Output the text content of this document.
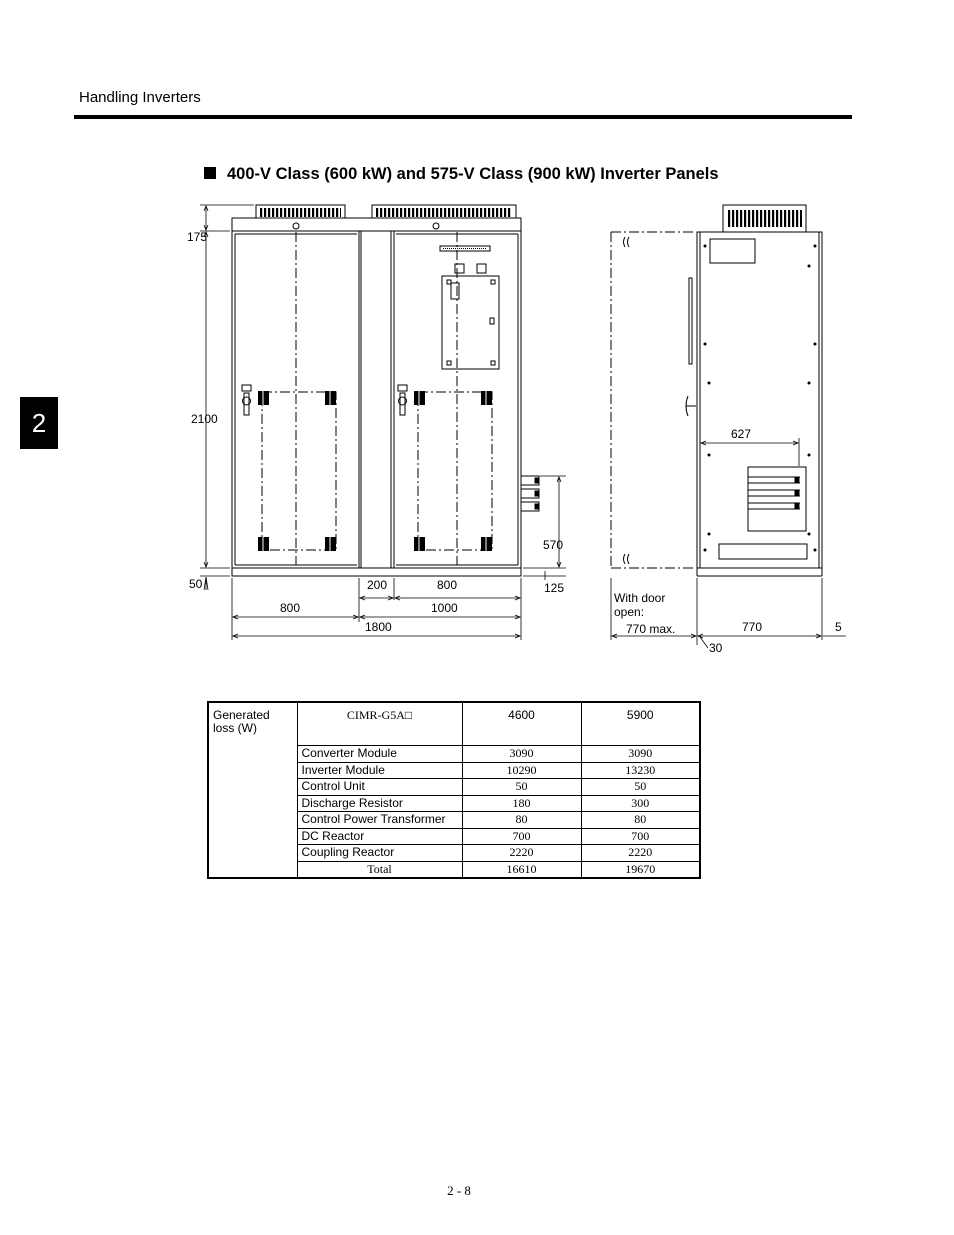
Handling Inverters
2
400-V Class (600 kW) and 575-V Class (900 kW) Inverter Panels
175
2100
50
570
125
200	800
800	1000
1800
627
With door
open:
770 max.	770	5
30
Generated loss (W)	CIMR-G5A□	4600	5900
	Converter Module	3090	3090
	Inverter Module	10290	13230
	Control Unit	50	50
	Discharge Resistor	180	300
	Control Power Transformer	80	80
	DC Reactor	700	700
	Coupling Reactor	2220	2220
	Total	16610	19670
2 - 8
